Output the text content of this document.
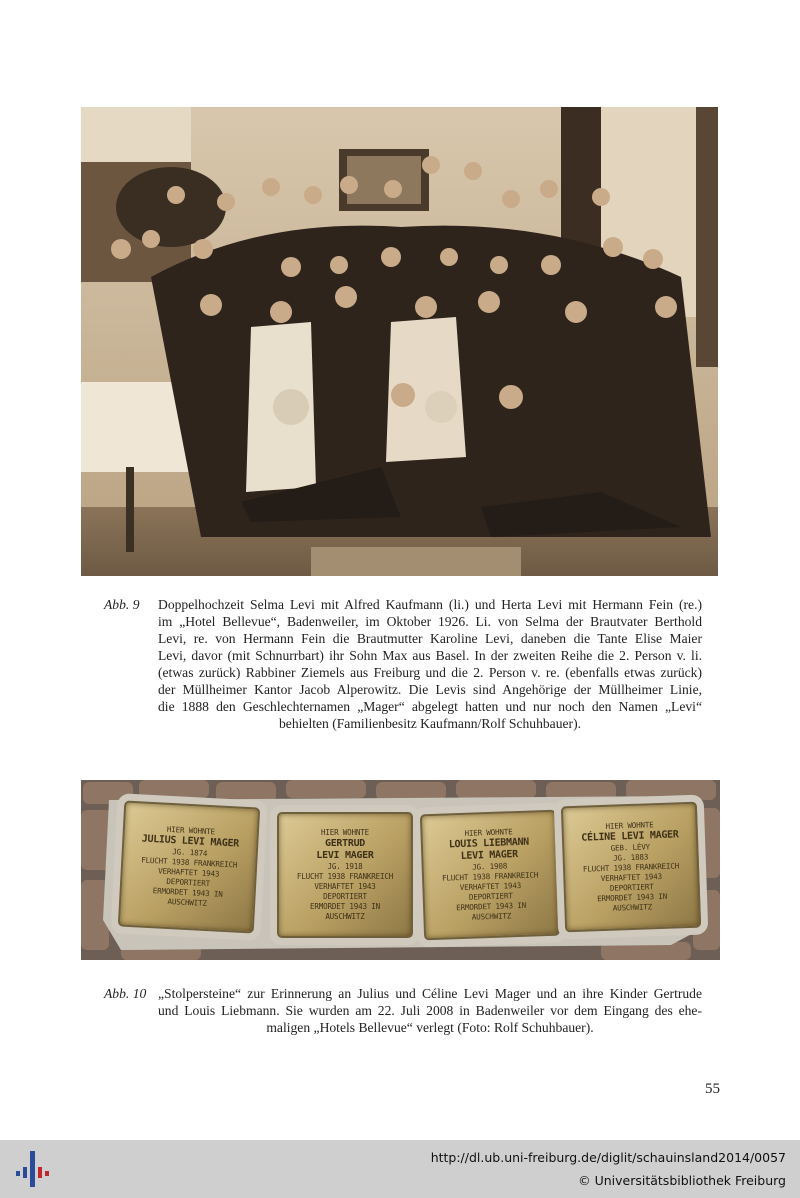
Abb. 9 Doppelhochzeit Selma Levi mit Alfred Kaufmann (li.) und Herta Levi mit Hermann Fein (re.)
im „Hotel Bellevue“, Badenweiler, im Oktober 1926. Li. von Selma der Brautvater Berthold
Levi, re. von Hermann Fein die Brautmutter Karoline Levi, daneben die Tante Elise Maier
Levi, davor (mit Schnurrbart) ihr Sohn Max aus Basel. In der zweiten Reihe die 2. Person v. li.
(etwas zurück) Rabbiner Ziemels aus Freiburg und die 2. Person v. re. (ebenfalls etwas zurück)
der Müllheimer Kantor Jacob Alperowitz. Die Levis sind Angehörige der Müllheimer Linie,
die 1888 den Geschlechternamen „Mager“ abgelegt hatten und nur noch den Namen „Levi“
behielten (Familienbesitz Kaufmann/Rolf Schuhbauer).
HIER WOHNTE
JULIUS LEVI MAGER
JG. 1874
FLUCHT 1938 FRANKREICH
VERHAFTET 1943
DEPORTIERT
ERMORDET 1943 IN
AUSCHWITZ
HIER WOHNTE
GERTRUD
LEVI MAGER
JG. 1918
FLUCHT 1938 FRANKREICH
VERHAFTET 1943
DEPORTIERT
ERMORDET 1943 IN
AUSCHWITZ
HIER WOHNTE
LOUIS LIEBMANN
LEVI MAGER
JG. 1908
FLUCHT 1938 FRANKREICH
VERHAFTET 1943
DEPORTIERT
ERMORDET 1943 IN
AUSCHWITZ
HIER WOHNTE
CÉLINE LEVI MAGER
GEB. LÉVY
JG. 1883
FLUCHT 1938 FRANKREICH
VERHAFTET 1943
DEPORTIERT
ERMORDET 1943 IN
AUSCHWITZ
Abb. 10 „Stolpersteine“ zur Erinnerung an Julius und Céline Levi Mager und an ihre Kinder Gertrude
und Louis Liebmann. Sie wurden am 22. Juli 2008 in Badenweiler vor dem Eingang des ehe-
maligen „Hotels Bellevue“ verlegt (Foto: Rolf Schuhbauer).
55
http://dl.ub.uni-freiburg.de/diglit/schauinsland2014/0057
© Universitätsbibliothek Freiburg
